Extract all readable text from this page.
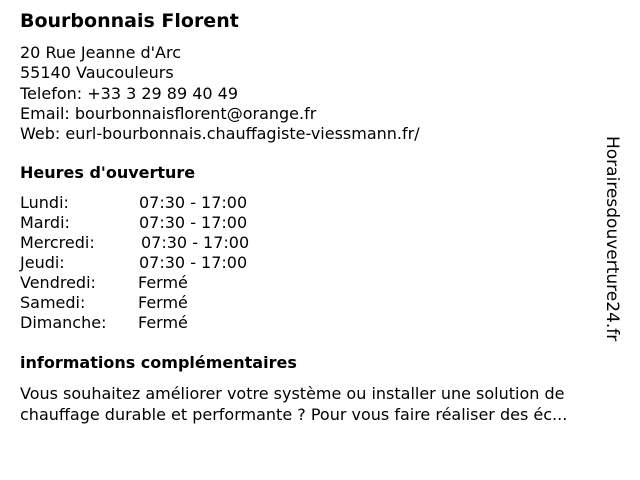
Bourbonnais Florent
20 Rue Jeanne d'Arc
55140 Vaucouleurs
Telefon: +33 3 29 89 40 49
Email: bourbonnaisflorent@orange.fr
Web: eurl-bourbonnais.chauffagiste-viessmann.fr/
Heures d'ouverture
Lundi:	07:30 - 17:00
Mardi:	07:30 - 17:00
Mercredi:	07:30 - 17:00
Jeudi:	07:30 - 17:00
Vendredi:	Fermé
Samedi:	Fermé
Dimanche: Fermé
informations complémentaires

Vous souhaitez améliorer votre système ou installer une solution de chauffage durable et performante ? Pour vous faire réaliser des éc...

Horairesdouverture24.fr
